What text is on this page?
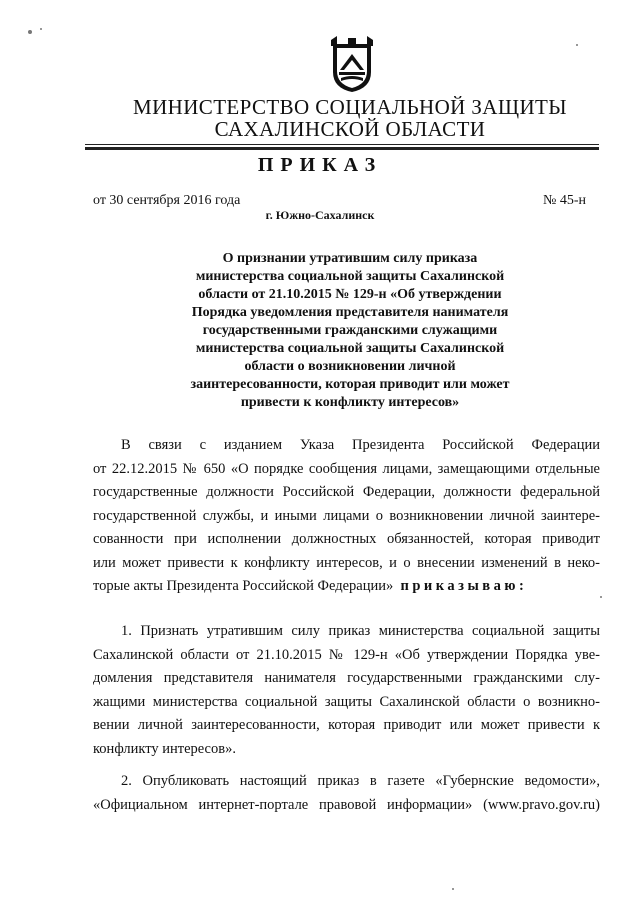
МИНИСТЕРСТВО СОЦИАЛЬНОЙ ЗАЩИТЫ
САХАЛИНСКОЙ ОБЛАСТИ
ПРИКАЗ
от 30 сентября 2016 года	№ 45-н
г. Южно-Сахалинск
О признании утратившим силу приказа
министерства социальной защиты Сахалинской
области от 21.10.2015 № 129-н «Об утверждении
Порядка уведомления представителя нанимателя
государственными гражданскими служащими
министерства социальной защиты Сахалинской
области о возникновении личной
заинтересованности, которая приводит или может
привести к конфликту интересов»
В связи с изданием Указа Президента Российской Федерации
от 22.12.2015 № 650 «О порядке сообщения лицами, замещающими отдельные
государственные должности Российской Федерации, должности федеральной
государственной службы, и иными лицами о возникновении личной заинтере-
сованности при исполнении должностных обязанностей, которая приводит
или может привести к конфликту интересов, и о внесении изменений в неко-
торые акты Президента Российской Федерации» приказываю:
1. Признать утратившим силу приказ министерства социальной защиты
Сахалинской области от 21.10.2015 № 129-н «Об утверждении Порядка уве-
домления представителя нанимателя государственными гражданскими слу-
жащими министерства социальной защиты Сахалинской области о возникно-
вении личной заинтересованности, которая приводит или может привести к
конфликту интересов».
2. Опубликовать настоящий приказ в газете «Губернские ведомости»,
«Официальном интернет-портале правовой информации» (www.pravo.gov.ru)
